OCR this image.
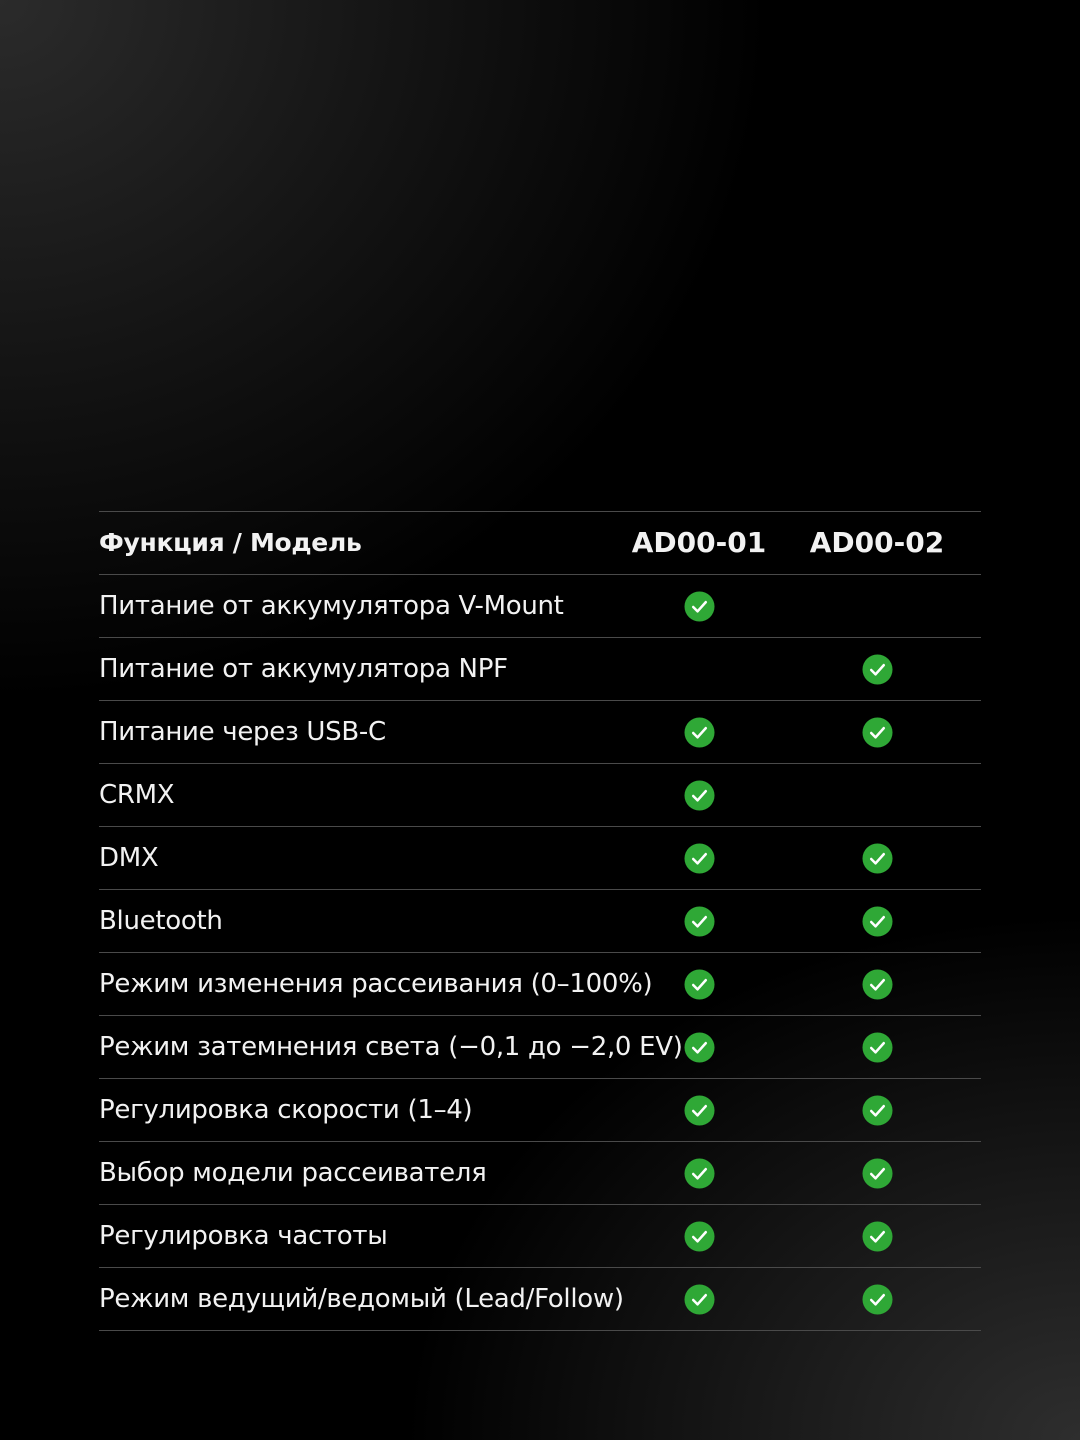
Функция / Модель	AD00-01	AD00-02
Питание от аккумулятора V-Mount
Питание от аккумулятора NPF
Питание через USB-C
CRMX
DMX
Bluetooth
Режим изменения рассеивания (0–100%)
Режим затемнения света (−0,1 до −2,0 EV)
Регулировка скорости (1–4)
Выбор модели рассеивателя
Регулировка частоты
Режим ведущий/ведомый (Lead/Follow)
